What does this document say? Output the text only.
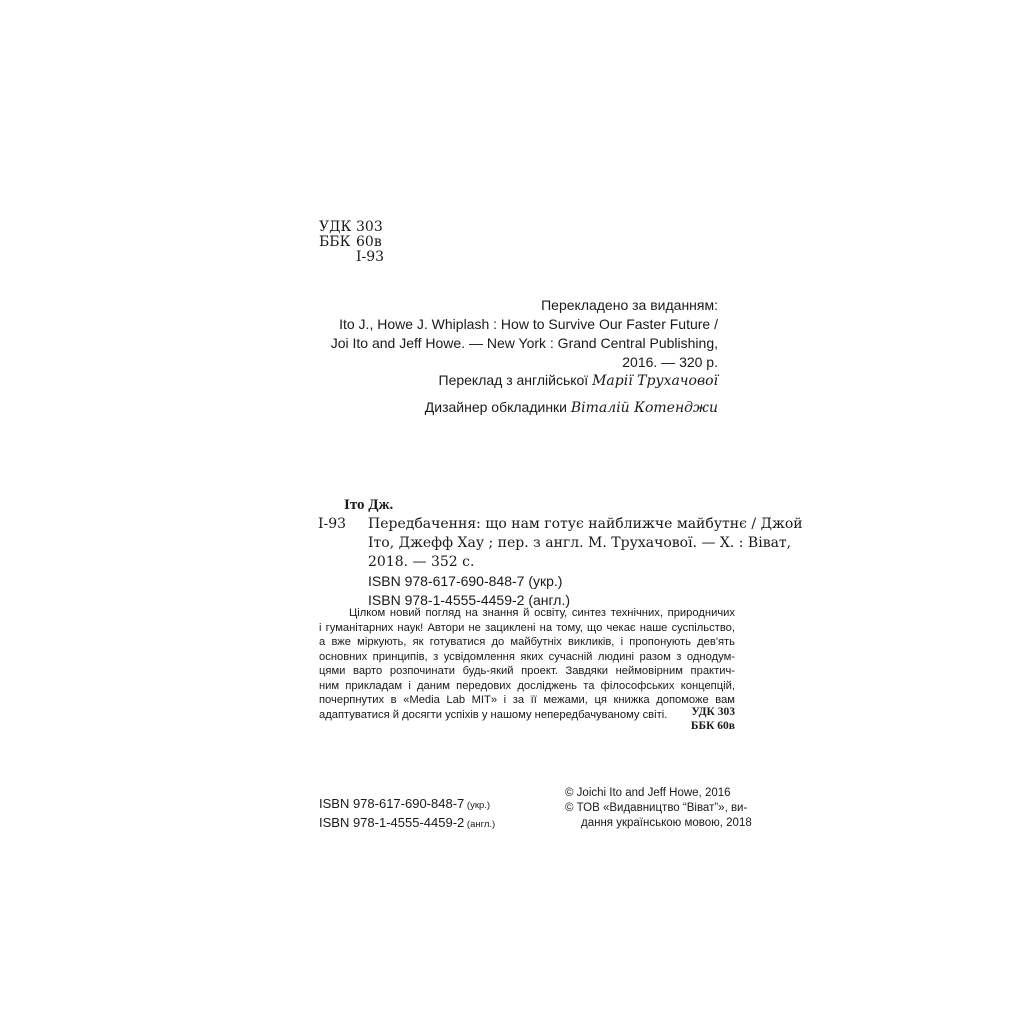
УДК 303
ББК 60в
І-93
Перекладено за виданням:
Ito J., Howe J. Whiplash : How to Survive Our Faster Future /
Joi Ito and Jeff Howe. — New York : Grand Central Publishing,
2016. — 320 p.
Переклад з англійської Марії Трухачової
Дизайнер обкладинки Віталій Котенджи
Іто Дж.
І-93	Передбачення: що нам готує найближче майбутнє / Джой
Іто, Джефф Хау ; пер. з англ. М. Трухачової. — Х. : Віват,
2018. — 352 с.
ISBN 978-617-690-848-7 (укр.)
ISBN 978-1-4555-4459-2 (англ.)
Цілком новий погляд на знання й освіту, синтез технічних, природничих
і гуманітарних наук! Автори не зациклені на тому, що чекає наше суспільство,
а вже міркують, як готуватися до майбутніх викликів, і пропонують дев'ять
основних принципів, з усвідомлення яких сучасній людині разом з однодум-
цями варто розпочинати будь-який проект. Завдяки неймовірним практич-
ним прикладам і даним передових досліджень та філософських концепцій,
почерпнутих в «Media Lab MIT» і за її межами, ця книжка допоможе вам
адаптуватися й досягти успіхів у нашому непередбачуваному світі.	УДК 303
ББК 60в
ISBN 978-617-690-848-7 (укр.)
ISBN 978-1-4555-4459-2 (англ.)
© Joichi Ito and Jeff Howe, 2016
© ТОВ «Видавництво “Віват”», ви-
дання українською мовою, 2018
